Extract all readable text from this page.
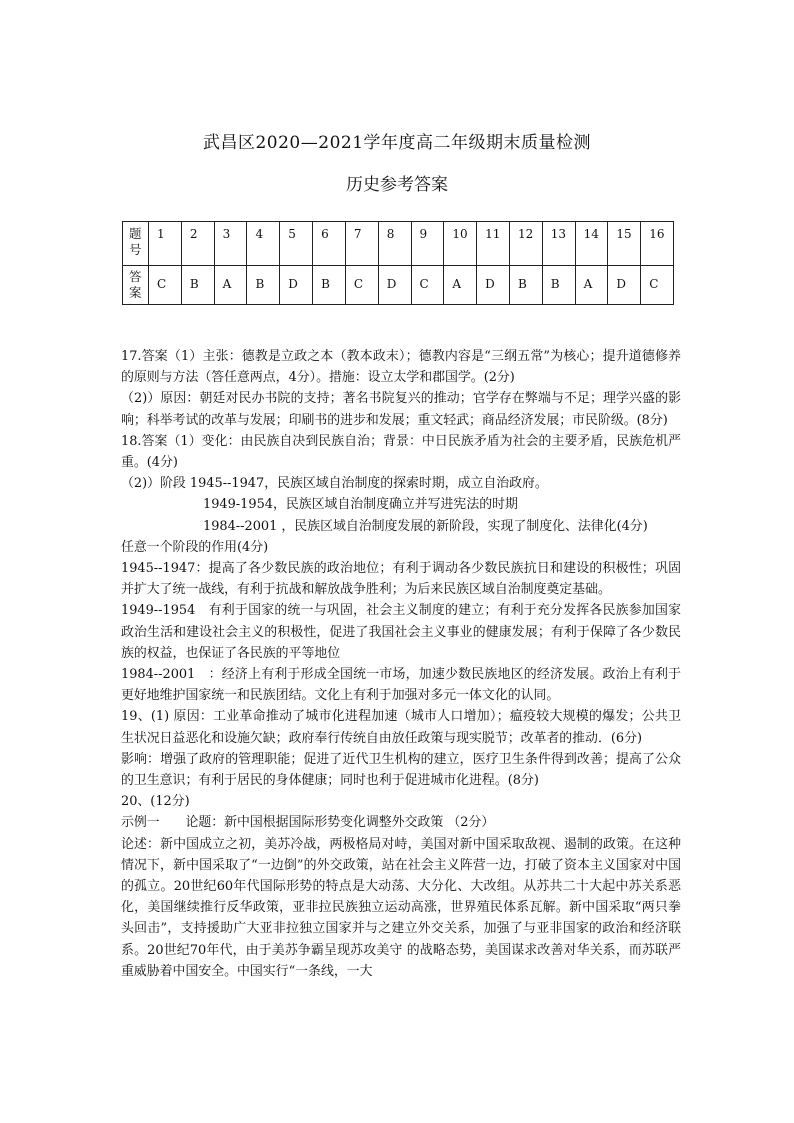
武昌区2020—2021学年度高二年级期末质量检测
历史参考答案
题号	1	2	3	4	5	6	7	8	9	10	11	12	13	14	15	16
答案	C	B	A	B	D	B	C	D	C	A	D	B	B	A	D	C

17.答案（1）主张：德教是立政之本（教本政末）；德教内容是“三纲五常”为核心；提升道德修养的原则与方法（答任意两点，4分）。措施：设立太学和郡国学。(2分)

（2)）原因：朝廷对民办书院的支持；著名书院复兴的推动；官学存在弊端与不足；理学兴盛的影响；科举考试的改革与发展；印刷书的进步和发展；重文轻武；商品经济发展；市民阶级。(8分)

18.答案（1）变化：由民族自决到民族自治；背景：中日民族矛盾为社会的主要矛盾，民族危机严重。(4分)

（2)）阶段 1945--1947，民族区域自治制度的探索时期，成立自治政府。

1949-1954，民族区域自治制度确立并写进宪法的时期

1984--2001 ，民族区域自治制度发展的新阶段，实现了制度化、法律化(4分)

任意一个阶段的作用(4分)

1945--1947：提高了各少数民族的政治地位；有利于调动各少数民族抗日和建设的积极性；巩固并扩大了统一战线，有利于抗战和解放战争胜利；为后来民族区域自治制度奠定基础。

1949--1954　有利于国家的统一与巩固，社会主义制度的建立；有利于充分发挥各民族参加国家政治生活和建设社会主义的积极性，促进了我国社会主义事业的健康发展；有利于保障了各少数民族的权益，也保证了各民族的平等地位

1984--2001　：经济上有利于形成全国统一市场，加速少数民族地区的经济发展。政治上有利于更好地维护国家统一和民族团结。文化上有利于加强对多元一体文化的认同。

19、(1) 原因：工业革命推动了城市化进程加速（城市人口增加）；瘟疫较大规模的爆发；公共卫生状况日益恶化和设施欠缺；政府奉行传统自由放任政策与现实脱节；改革者的推动．(6分)

影响：增强了政府的管理职能；促进了近代卫生机构的建立，医疗卫生条件得到改善；提高了公众的卫生意识；有利于居民的身体健康；同时也利于促进城市化进程。(8分)

20、(12分)

示例一　　论题：新中国根据国际形势变化调整外交政策 （2分）

论述：新中国成立之初，美苏冷战，两极格局对峙，美国对新中国采取敌视、遏制的政策。在这种情况下，新中国采取了“一边倒”的外交政策，站在社会主义阵营一边，打破了资本主义国家对中国的孤立。20世纪60年代国际形势的特点是大动荡、大分化、大改组。从苏共二十大起中苏关系恶化，美国继续推行反华政策，亚非拉民族独立运动高涨，世界殖民体系瓦解。新中国采取“两只拳头回击”，支持援助广大亚非拉独立国家并与之建立外交关系，加强了与亚非国家的政治和经济联系。20世纪70年代，由于美苏争霸呈现苏攻美守 的战略态势，美国谋求改善对华关系，而苏联严重威胁着中国安全。中国实行“一条线，一大
